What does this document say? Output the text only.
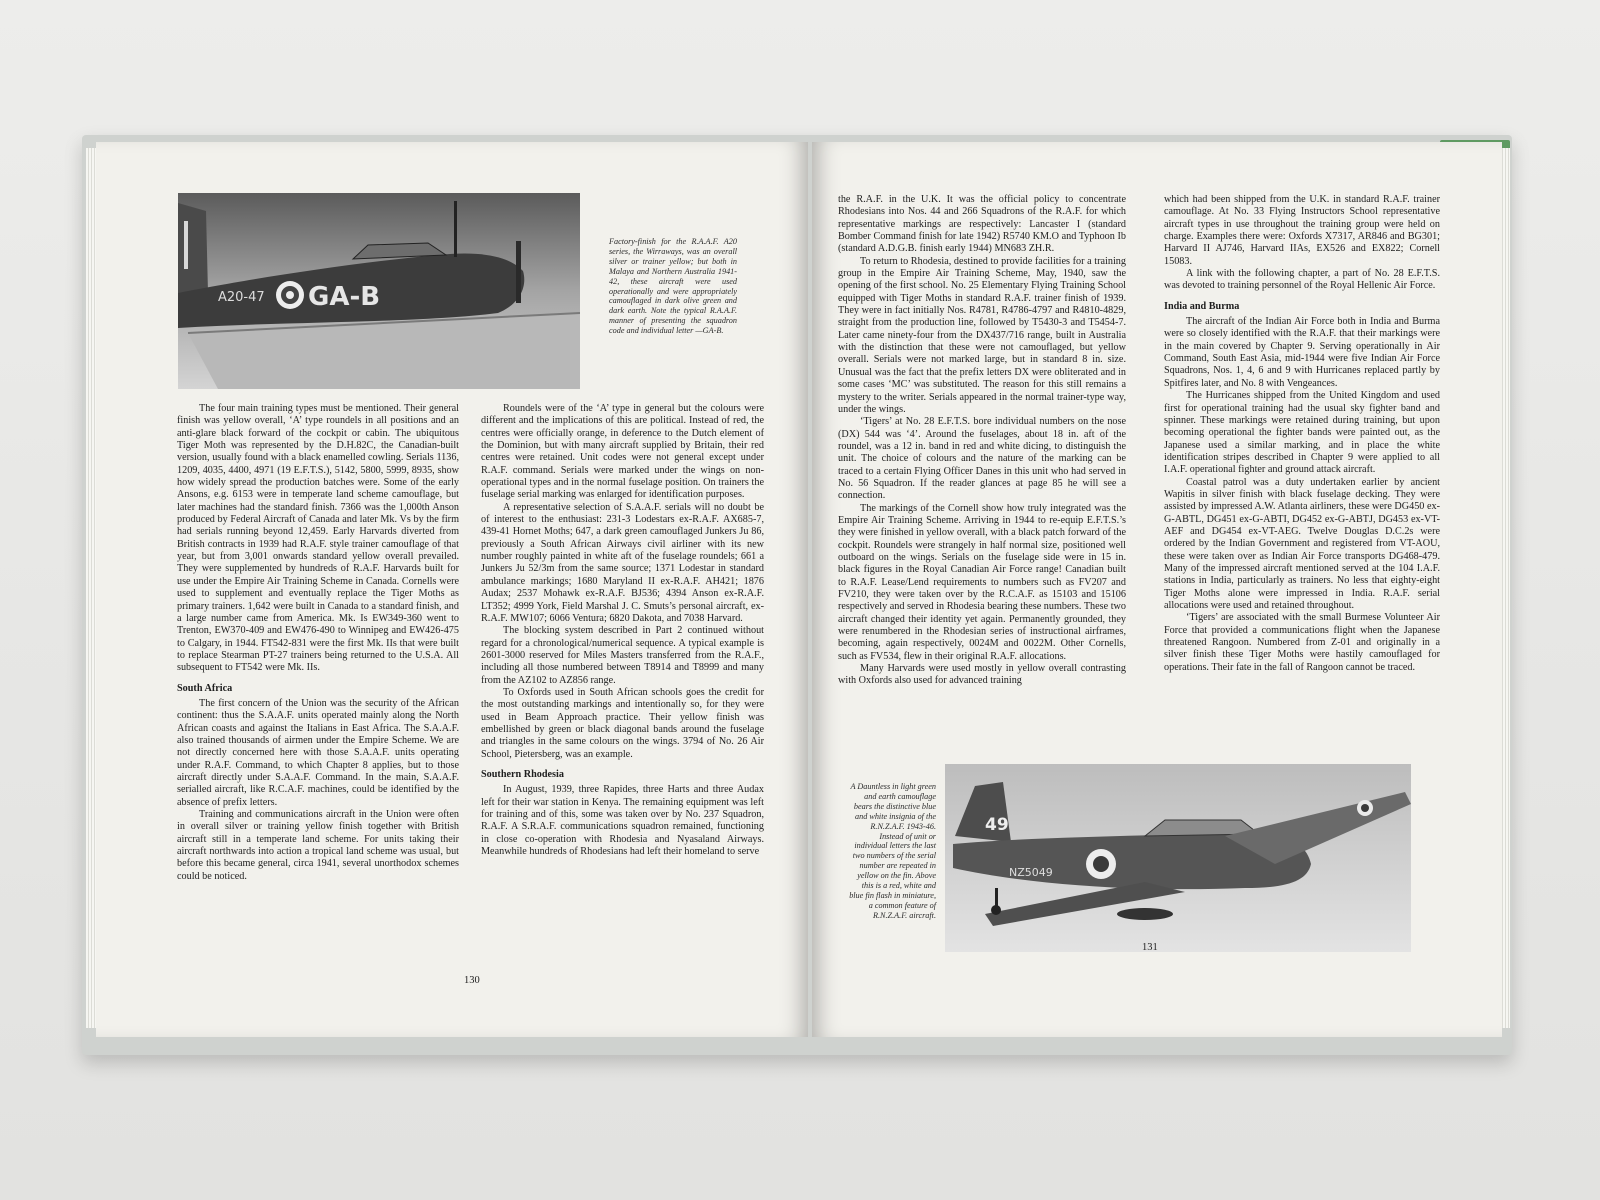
A20-47 GA-B
Factory-finish for the R.A.A.F. A20 series, the Wirraways, was an overall silver or trainer yellow; but both in Malaya and Northern Australia 1941-42, these aircraft were used operationally and were appropriately camouflaged in dark olive green and dark earth. Note the typical R.A.A.F. manner of presenting the squadron code and individual letter —GA-B.

The four main training types must be mentioned. Their general finish was yellow overall, ‘A’ type roundels in all positions and an anti-glare black forward of the cockpit or cabin. The ubiquitous Tiger Moth was represented by the D.H.82C, the Canadian-built version, usually found with a black enamelled cowling. Serials 1136, 1209, 4035, 4400, 4971 (19 E.F.T.S.), 5142, 5800, 5999, 8935, show how widely spread the production batches were. Some of the early Ansons, e.g. 6153 were in temperate land scheme camouflage, but later machines had the standard finish. 7366 was the 1,000th Anson produced by Federal Aircraft of Canada and later Mk. Vs by the firm had serials running beyond 12,459. Early Harvards diverted from British contracts in 1939 had R.A.F. style trainer camouflage of that year, but from 3,001 onwards standard yellow overall prevailed. They were supplemented by hundreds of R.A.F. Harvards built for use under the Empire Air Training Scheme in Canada. Cornells were used to supplement and eventually replace the Tiger Moths as primary trainers. 1,642 were built in Canada to a standard finish, and a large number came from America. Mk. Is EW349-360 went to Trenton, EW370-409 and EW476-490 to Winnipeg and EW426-475 to Calgary, in 1944. FT542-831 were the first Mk. IIs that were built to replace Stearman PT-27 trainers being returned to the U.S.A. All subsequent to FT542 were Mk. IIs.

South Africa

The first concern of the Union was the security of the African continent: thus the S.A.A.F. units operated mainly along the North African coasts and against the Italians in East Africa. The S.A.A.F. also trained thousands of airmen under the Empire Scheme. We are not directly concerned here with those S.A.A.F. units operating under R.A.F. Command, to which Chapter 8 applies, but to those aircraft directly under S.A.A.F. Command. In the main, S.A.A.F. serialled aircraft, like R.C.A.F. machines, could be identified by the absence of prefix letters.

Training and communications aircraft in the Union were often in overall silver or training yellow finish together with British aircraft still in a temperate land scheme. For units taking their aircraft northwards into action a tropical land scheme was usual, but before this became general, circa 1941, several unorthodox schemes could be noticed.

Roundels were of the ‘A’ type in general but the colours were different and the implications of this are political. Instead of red, the centres were officially orange, in deference to the Dutch element of the Dominion, but with many aircraft supplied by Britain, their red centres were retained. Unit codes were not general except under R.A.F. command. Serials were marked under the wings on non-operational types and in the normal fuselage position. On trainers the fuselage serial marking was enlarged for identification purposes.

A representative selection of S.A.A.F. serials will no doubt be of interest to the enthusiast: 231-3 Lodestars ex-R.A.F. AX685-7, 439-41 Hornet Moths; 647, a dark green camouflaged Junkers Ju 86, previously a South African Airways civil airliner with its new number roughly painted in white aft of the fuselage roundels; 661 a Junkers Ju 52/3m from the same source; 1371 Lodestar in standard ambulance markings; 1680 Maryland II ex-R.A.F. AH421; 1876 Audax; 2537 Mohawk ex-R.A.F. BJ536; 4394 Anson ex-R.A.F. LT352; 4999 York, Field Marshal J. C. Smuts’s personal aircraft, ex-R.A.F. MW107; 6066 Ventura; 6820 Dakota, and 7038 Harvard.

The blocking system described in Part 2 continued without regard for a chronological/numerical sequence. A typical example is 2601-3000 reserved for Miles Masters transferred from the R.A.F., including all those numbered between T8914 and T8999 and many from the AZ102 to AZ856 range.

To Oxfords used in South African schools goes the credit for the most outstanding markings and intentionally so, for they were used in Beam Approach practice. Their yellow finish was embellished by green or black diagonal bands around the fuselage and triangles in the same colours on the wings. 3794 of No. 26 Air School, Pietersberg, was an example.

Southern Rhodesia

In August, 1939, three Rapides, three Harts and three Audax left for their war station in Kenya. The remaining equipment was left for training and of this, some was taken over by No. 237 Squadron, R.A.F. A S.R.A.F. communications squadron remained, functioning in close co-operation with Rhodesia and Nyasaland Airways. Meanwhile hundreds of Rhodesians had left their homeland to serve

130

the R.A.F. in the U.K. It was the official policy to concentrate Rhodesians into Nos. 44 and 266 Squadrons of the R.A.F. for which representative markings are respectively: Lancaster I (standard Bomber Command finish for late 1942) R5740 KM.O and Typhoon Ib (standard A.D.G.B. finish early 1944) MN683 ZH.R.

To return to Rhodesia, destined to provide facilities for a training group in the Empire Air Training Scheme, May, 1940, saw the opening of the first school. No. 25 Elementary Flying Training School equipped with Tiger Moths in standard R.A.F. trainer finish of 1939. They were in fact initially Nos. R4781, R4786-4797 and R4810-4829, straight from the production line, followed by T5430-3 and T5454-7. Later came ninety-four from the DX437/716 range, built in Australia with the distinction that these were not camouflaged, but yellow overall. Serials were not marked large, but in standard 8 in. size. Unusual was the fact that the prefix letters DX were obliterated and in some cases ‘MC’ was substituted. The reason for this still remains a mystery to the writer. Serials appeared in the normal trainer-type way, under the wings.

‘Tigers’ at No. 28 E.F.T.S. bore individual numbers on the nose (DX) 544 was ‘4’. Around the fuselages, about 18 in. aft of the roundel, was a 12 in. band in red and white dicing, to distinguish the unit. The choice of colours and the nature of the marking can be traced to a certain Flying Officer Danes in this unit who had served in No. 56 Squadron. If the reader glances at page 85 he will see a connection.

The markings of the Cornell show how truly integrated was the Empire Air Training Scheme. Arriving in 1944 to re-equip E.F.T.S.’s they were finished in yellow overall, with a black patch forward of the cockpit. Roundels were strangely in half normal size, positioned well outboard on the wings. Serials on the fuselage side were in 15 in. black figures in the Royal Canadian Air Force range! Canadian built to R.A.F. Lease/Lend requirements to numbers such as FV207 and FV210, they were taken over by the R.C.A.F. as 15103 and 15106 respectively and served in Rhodesia bearing these numbers. These two aircraft changed their identity yet again. Permanently grounded, they were renumbered in the Rhodesian series of instructional airframes, becoming, again respectively, 0024M and 0022M. Other Cornells, such as FV534, flew in their original R.A.F. allocations.

Many Harvards were used mostly in yellow overall contrasting with Oxfords also used for advanced training

which had been shipped from the U.K. in standard R.A.F. trainer camouflage. At No. 33 Flying Instructors School representative aircraft types in use throughout the training group were held on charge. Examples there were: Oxfords X7317, AR846 and BG301; Harvard II AJ746, Harvard IIAs, EX526 and EX822; Cornell 15083.

A link with the following chapter, a part of No. 28 E.F.T.S. was devoted to training personnel of the Royal Hellenic Air Force.

India and Burma

The aircraft of the Indian Air Force both in India and Burma were so closely identified with the R.A.F. that their markings were in the main covered by Chapter 9. Serving operationally in Air Command, South East Asia, mid-1944 were five Indian Air Force Squadrons, Nos. 1, 4, 6 and 9 with Hurricanes replaced partly by Spitfires later, and No. 8 with Vengeances.

The Hurricanes shipped from the United Kingdom and used first for operational training had the usual sky fighter band and spinner. These markings were retained during training, but upon becoming operational the fighter bands were painted out, as the Japanese used a similar marking, and in place the white identification stripes described in Chapter 9 were applied to all I.A.F. operational fighter and ground attack aircraft.

Coastal patrol was a duty undertaken earlier by ancient Wapitis in silver finish with black fuselage decking. They were assisted by impressed A.W. Atlanta airliners, these were DG450 ex-G-ABTL, DG451 ex-G-ABTI, DG452 ex-G-ABTJ, DG453 ex-VT-AEF and DG454 ex-VT-AEG. Twelve Douglas D.C.2s were ordered by the Indian Government and registered from VT-AOU, these were taken over as Indian Air Force transports DG468-479. Many of the impressed aircraft mentioned served at the 104 I.A.F. stations in India, particularly as trainers. No less that eighty-eight Tiger Moths alone were impressed in India. R.A.F. serial allocations were used and retained throughout.

‘Tigers’ are associated with the small Burmese Volunteer Air Force that provided a communications flight when the Japanese threatened Rangoon. Numbered from Z-01 and originally in a silver finish these Tiger Moths were hastily camouflaged for operations. Their fate in the fall of Rangoon cannot be traced.

A Dauntless in light green and earth camouflage bears the distinctive blue and white insignia of the R.N.Z.A.F. 1943-46. Instead of unit or individual letters the last two numbers of the serial number are repeated in yellow on the fin. Above this is a red, white and blue fin flash in miniature, a common feature of R.N.Z.A.F. aircraft.
49
NZ5049
131
